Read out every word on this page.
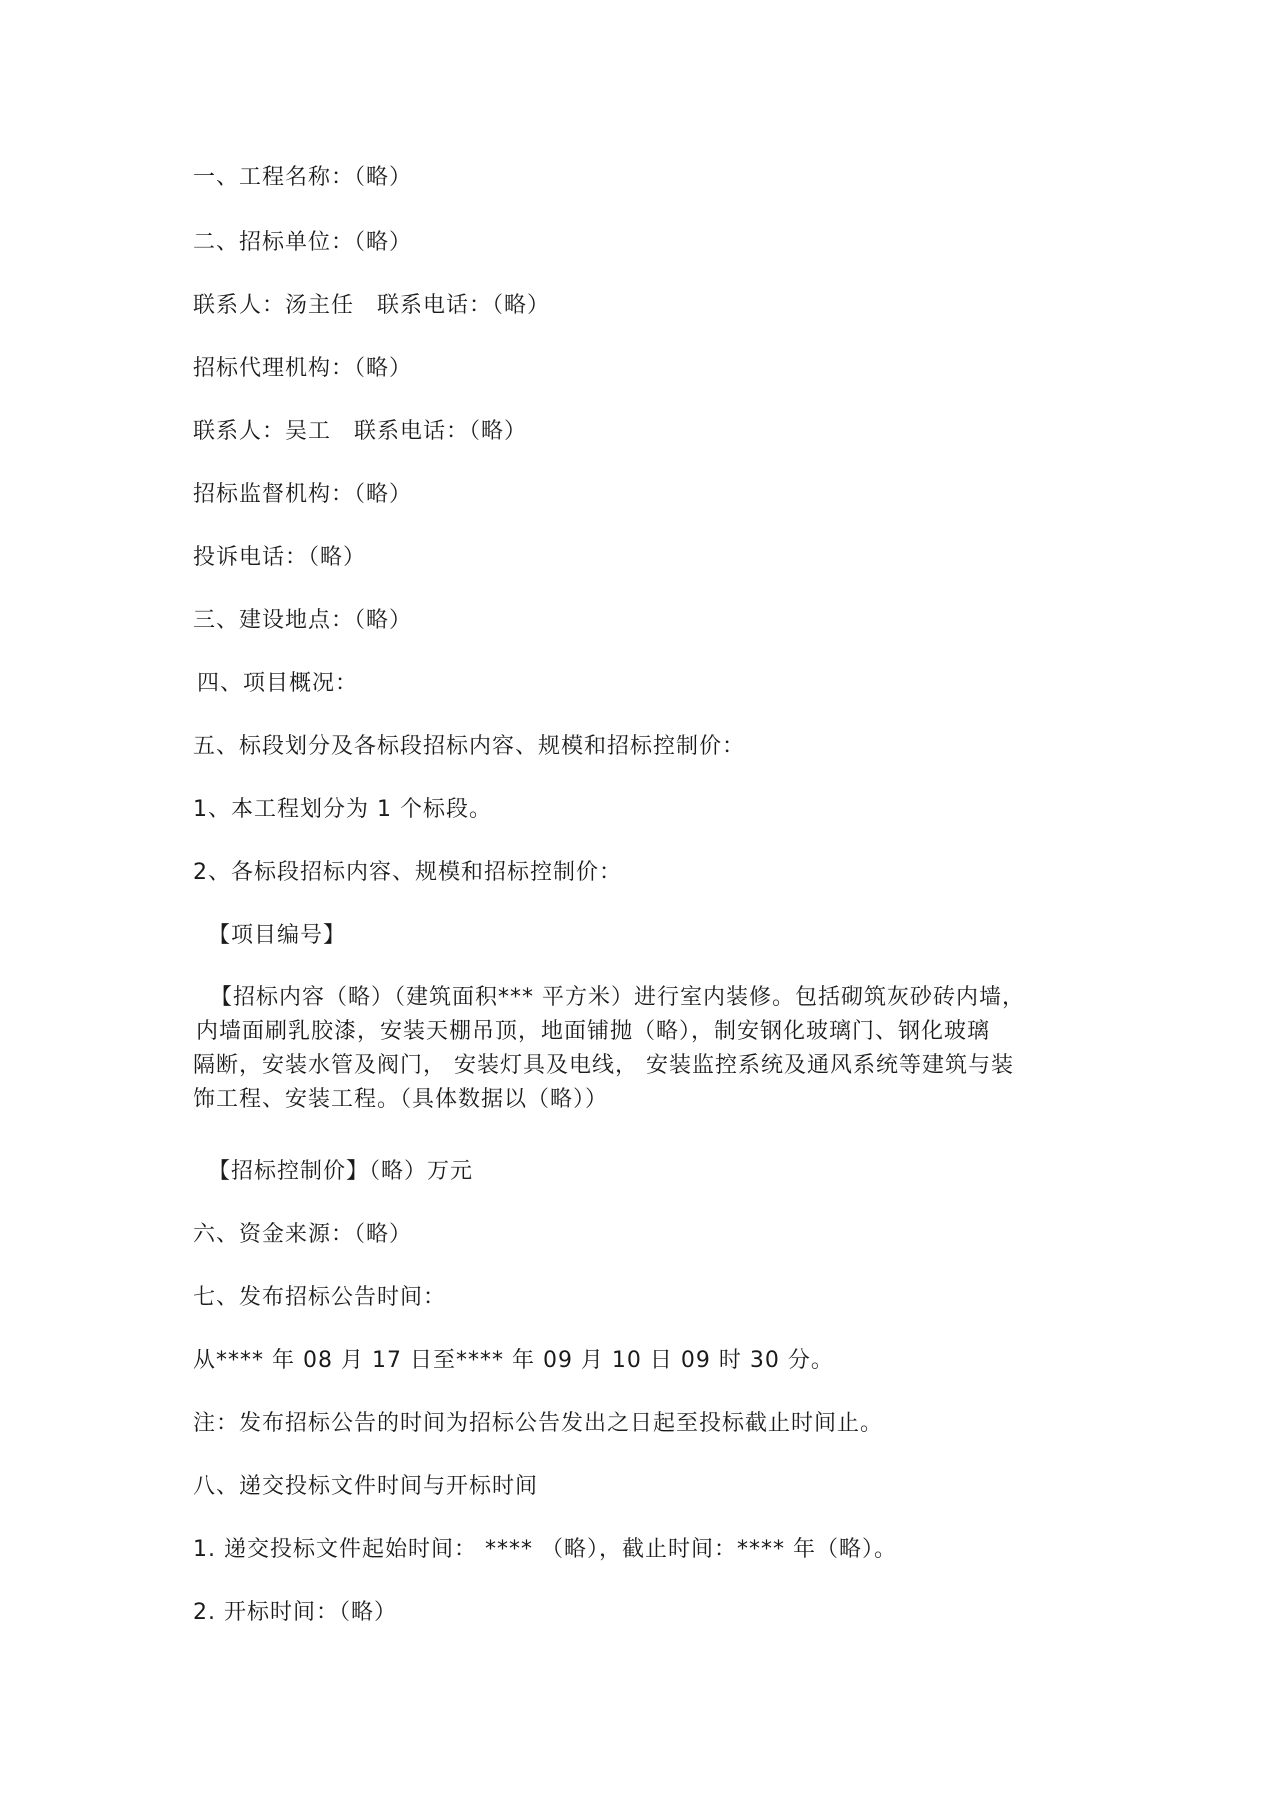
一、工程名称：（略）
二、招标单位：（略）
联系人：汤主任　联系电话：（略）
招标代理机构：（略）
联系人：吴工　联系电话：（略）
招标监督机构：（略）
投诉电话：（略）
三、建设地点：（略）
四、项目概况：
五、标段划分及各标段招标内容、规模和招标控制价：
1、本工程划分为 1 个标段。
2、各标段招标内容、规模和招标控制价：
【项目编号】
【招标内容（略）（建筑面积*** 平方米）进行室内装修。包括砌筑灰砂砖内墙，
内墙面刷乳胶漆，安装天棚吊顶，地面铺抛（略），制安钢化玻璃门、钢化玻璃
隔断，安装水管及阀门， 安装灯具及电线， 安装监控系统及通风系统等建筑与装
饰工程、安装工程。（具体数据以（略））
【招标控制价】（略）万元
六、资金来源：（略）
七、发布招标公告时间：
从**** 年 08 月 17 日至**** 年 09 月 10 日 09 时 30 分。
注：发布招标公告的时间为招标公告发出之日起至投标截止时间止。
八、递交投标文件时间与开标时间
1. 递交投标文件起始时间： **** （略），截止时间：**** 年（略）。
2. 开标时间：（略）
